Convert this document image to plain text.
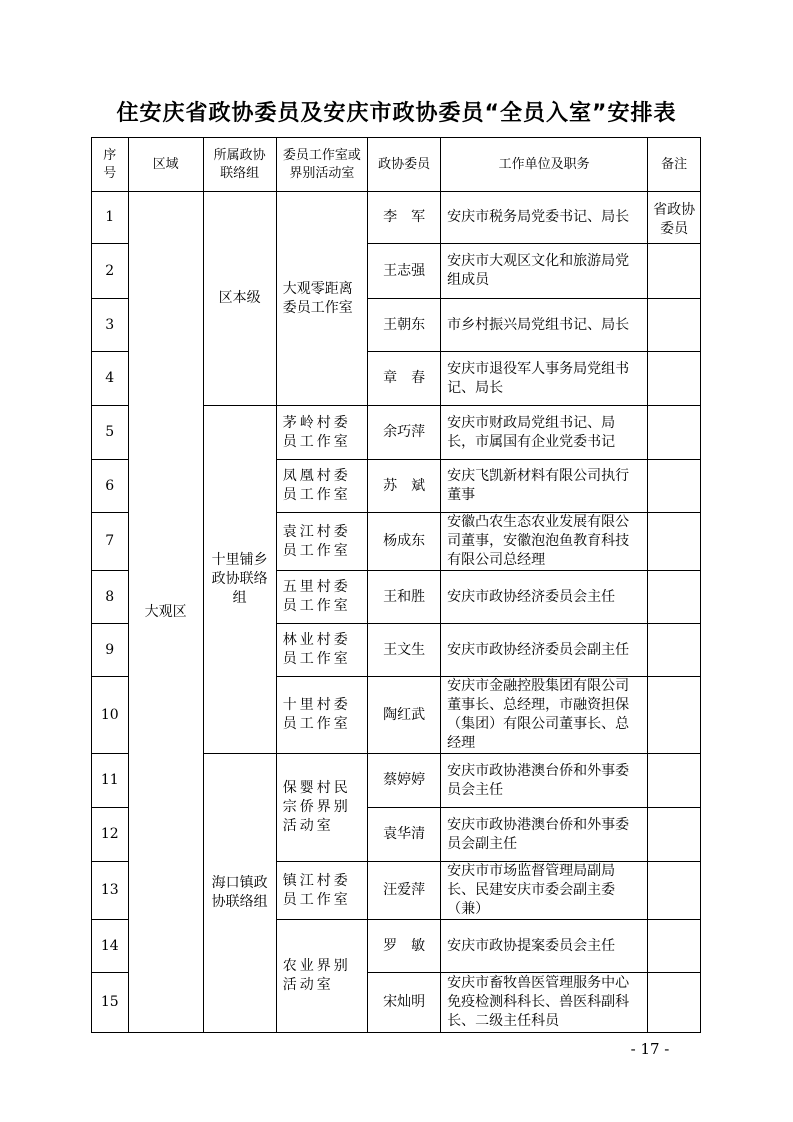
住安庆省政协委员及安庆市政协委员“全员入室”安排表
序号	区域	所属政协联络组	委员工作室或界别活动室	政协委员	工作单位及职务	备注
1	大观区	区本级	大观零距离委员工作室	李　军	安庆市税务局党委书记、局长	省政协委员
2				王志强	安庆市大观区文化和旅游局党组成员	
3				王朝东	市乡村振兴局党组书记、局长	
4				章　春	安庆市退役军人事务局党组书记、局长	
5		十里铺乡政协联络组	茅岭村委员工作室	余巧萍	安庆市财政局党组书记、局长，市属国有企业党委书记	
6			凤凰村委员工作室	苏　斌	安庆飞凯新材料有限公司执行董事	
7			袁江村委员工作室	杨成东	安徽凸农生态农业发展有限公司董事，安徽泡泡鱼教育科技有限公司总经理	
8			五里村委员工作室	王和胜	安庆市政协经济委员会主任	
9			林业村委员工作室	王文生	安庆市政协经济委员会副主任	
10			十里村委员工作室	陶红武	安庆市金融控股集团有限公司董事长、总经理，市融资担保（集团）有限公司董事长、总经理	
11		海口镇政协联络组	保婴村民宗侨界别活动室	蔡婷婷	安庆市政协港澳台侨和外事委员会主任	
12				袁华清	安庆市政协港澳台侨和外事委员会副主任	
13			镇江村委员工作室	汪爱萍	安庆市市场监督管理局副局长、民建安庆市委会副主委（兼）	
14			农业界别活动室	罗　敏	安庆市政协提案委员会主任	
15				宋灿明	安庆市畜牧兽医管理服务中心免疫检测科科长、兽医科副科长、二级主任科员	
- 17 -
